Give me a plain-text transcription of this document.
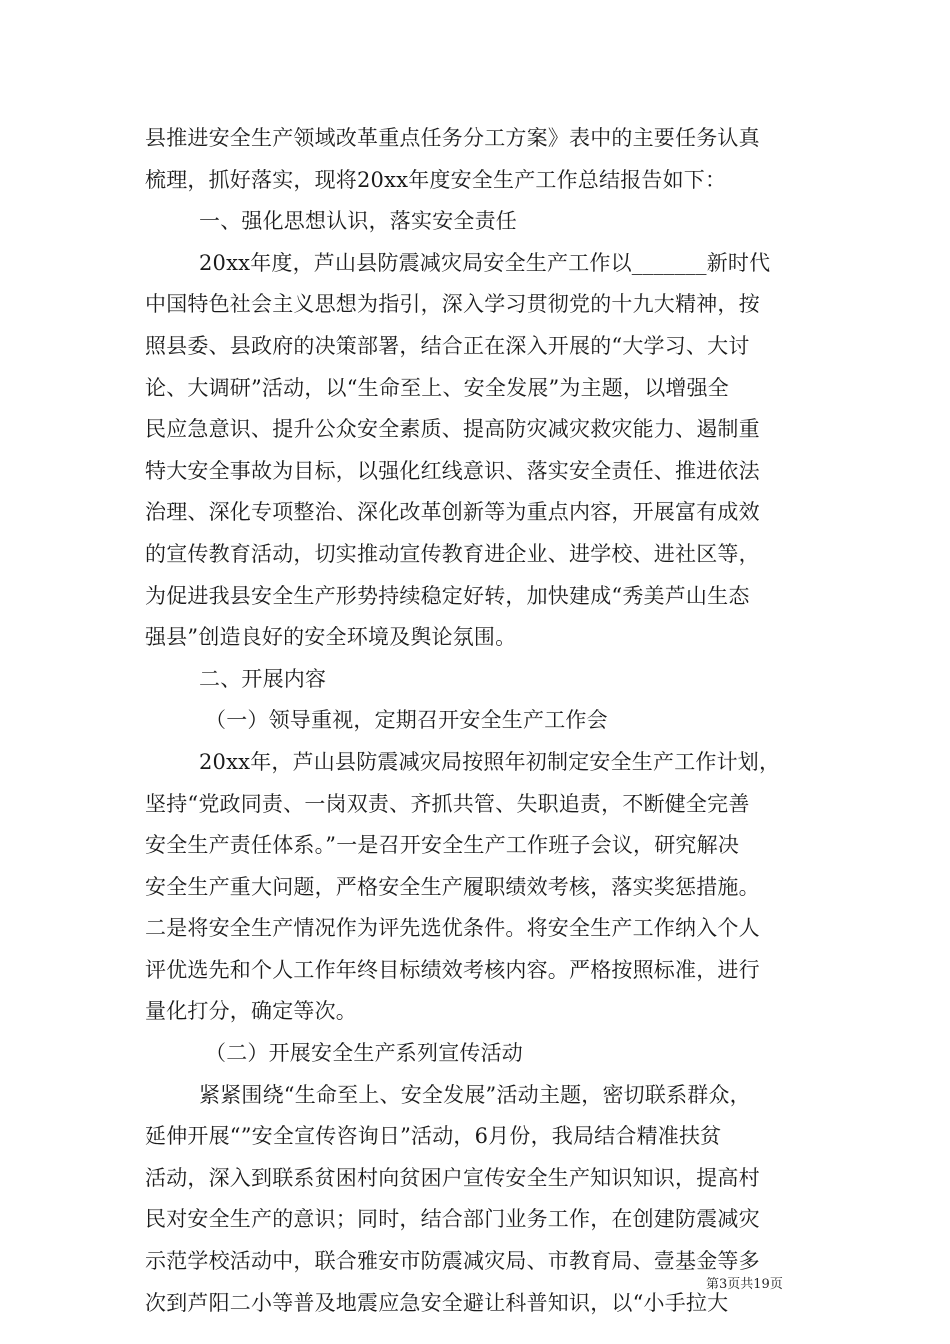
县推进安全生产领域改革重点任务分工方案》表中的主要任务认真
梳理，抓好落实，现将20xx年度安全生产工作总结报告如下：
一、强化思想认识，落实安全责任
20xx年度，芦山县防震减灾局安全生产工作以_______新时代
中国特色社会主义思想为指引，深入学习贯彻党的十九大精神，按
照县委、县政府的决策部署，结合正在深入开展的“大学习、大讨
论、大调研”活动，以“生命至上、安全发展”为主题，以增强全
民应急意识、提升公众安全素质、提高防灾减灾救灾能力、遏制重
特大安全事故为目标，以强化红线意识、落实安全责任、推进依法
治理、深化专项整治、深化改革创新等为重点内容，开展富有成效
的宣传教育活动，切实推动宣传教育进企业、进学校、进社区等，
为促进我县安全生产形势持续稳定好转，加快建成“秀美芦山生态
强县”创造良好的安全环境及舆论氛围。
二、开展内容
（一）领导重视，定期召开安全生产工作会
20xx年，芦山县防震减灾局按照年初制定安全生产工作计划，
坚持“党政同责、一岗双责、齐抓共管、失职追责，不断健全完善
安全生产责任体系。”一是召开安全生产工作班子会议，研究解决
安全生产重大问题，严格安全生产履职绩效考核，落实奖惩措施。
二是将安全生产情况作为评先选优条件。将安全生产工作纳入个人
评优选先和个人工作年终目标绩效考核内容。严格按照标准，进行
量化打分，确定等次。
（二）开展安全生产系列宣传活动
紧紧围绕“生命至上、安全发展”活动主题，密切联系群众，
延伸开展“”安全宣传咨询日”活动，6月份，我局结合精准扶贫
活动，深入到联系贫困村向贫困户宣传安全生产知识知识，提高村
民对安全生产的意识；同时，结合部门业务工作，在创建防震减灾
示范学校活动中，联合雅安市防震减灾局、市教育局、壹基金等多
次到芦阳二小等普及地震应急安全避让科普知识，以“小手拉大
第3页共19页
